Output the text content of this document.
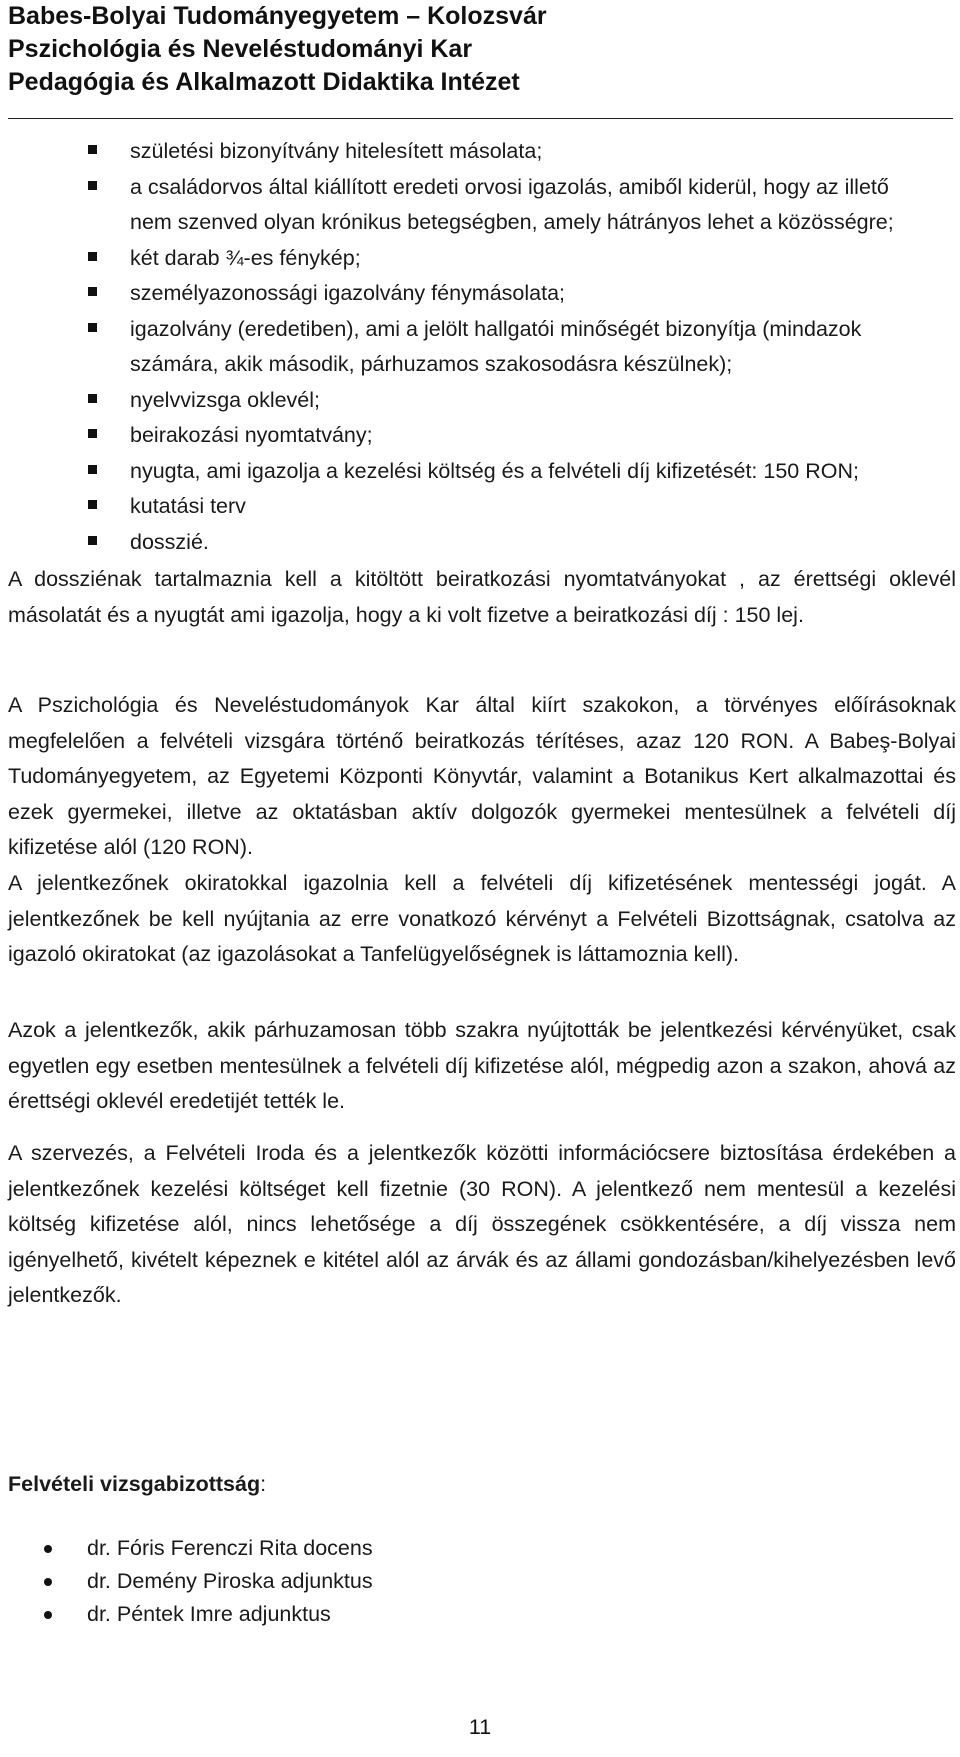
Babes-Bolyai Tudományegyetem – Kolozsvár
Pszichológia és Neveléstudományi Kar
Pedagógia és Alkalmazott Didaktika Intézet
születési bizonyítvány hitelesített másolata;
a családorvos által kiállított eredeti orvosi igazolás, amiből kiderül, hogy az illető nem szenved olyan krónikus betegségben, amely hátrányos lehet a közösségre;
két darab ¾-es fénykép;
személyazonossági igazolvány fénymásolata;
igazolvány (eredetiben), ami a jelölt hallgatói minőségét bizonyítja (mindazok számára, akik második, párhuzamos szakosodásra készülnek);
nyelvvizsga oklevél;
beirakozási nyomtatvány;
nyugta, ami igazolja a kezelési költség és a felvételi díj kifizetését: 150 RON;
kutatási terv
dosszié.

A dossziénak tartalmaznia kell a kitöltött beiratkozási nyomtatványokat , az érettségi oklevél másolatát és a nyugtát ami igazolja, hogy a ki volt fizetve a beiratkozási díj : 150 lej.

A Pszichológia és Neveléstudományok Kar által kiírt szakokon, a törvényes előírásoknak megfelelően a felvételi vizsgára történő beiratkozás térítéses, azaz 120 RON. A Babeş-Bolyai Tudományegyetem, az Egyetemi Központi Könyvtár, valamint a Botanikus Kert alkalmazottai és ezek gyermekei, illetve az oktatásban aktív dolgozók gyermekei mentesülnek a felvételi díj kifizetése alól (120 RON).

A jelentkezőnek okiratokkal igazolnia kell a felvételi díj kifizetésének mentességi jogát. A jelentkezőnek be kell nyújtania az erre vonatkozó kérvényt a Felvételi Bizottságnak, csatolva az igazoló okiratokat (az igazolásokat a Tanfelügyelőségnek is láttamoznia kell).

Azok a jelentkezők, akik párhuzamosan több szakra nyújtották be jelentkezési kérvényüket, csak egyetlen egy esetben mentesülnek a felvételi díj kifizetése alól, mégpedig azon a szakon, ahová az érettségi oklevél eredetijét tették le.

A szervezés, a Felvételi Iroda és a jelentkezők közötti információcsere biztosítása érdekében a jelentkezőnek kezelési költséget kell fizetnie (30 RON). A jelentkező nem mentesül a kezelési költség kifizetése alól, nincs lehetősége a díj összegének csökkentésére, a díj vissza nem igényelhető, kivételt képeznek e kitétel alól az árvák és az állami gondozásban/kihelyezésben levő jelentkezők.

Felvételi vizsgabizottság:
dr. Fóris Ferenczi Rita docens
dr. Demény Piroska adjunktus
dr. Péntek Imre adjunktus
11
